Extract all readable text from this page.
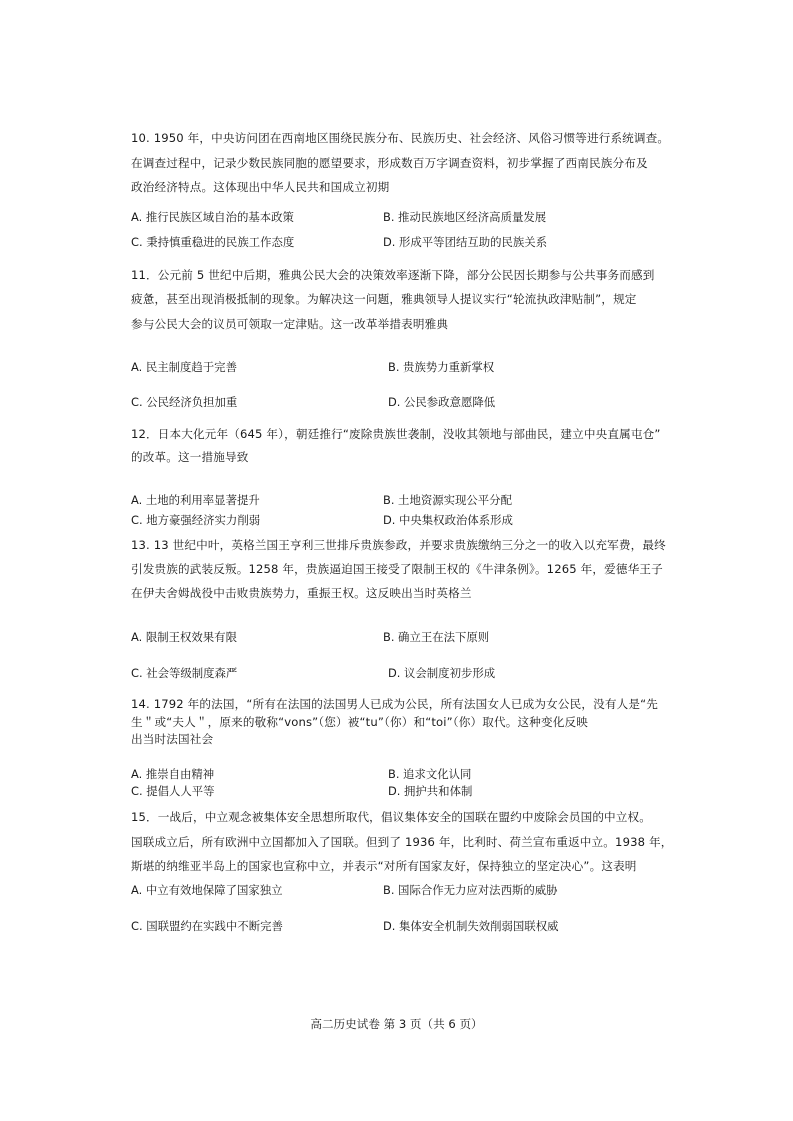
10. 1950 年，中央访问团在西南地区围绕民族分布、民族历史、社会经济、风俗习惯等进行系统调查。
在调查过程中，记录少数民族同胞的愿望要求，形成数百万字调查资料，初步掌握了西南民族分布及
政治经济特点。这体现出中华人民共和国成立初期
A. 推行民族区域自治的基本政策	B. 推动民族地区经济高质量发展
C. 秉持慎重稳进的民族工作态度	D. 形成平等团结互助的民族关系
11．公元前 5 世纪中后期，雅典公民大会的决策效率逐渐下降，部分公民因长期参与公共事务而感到
疲惫，甚至出现消极抵制的现象。为解决这一问题，雅典领导人提议实行“轮流执政津贴制”，规定
参与公民大会的议员可领取一定津贴。这一改革举措表明雅典
A. 民主制度趋于完善	B. 贵族势力重新掌权
C. 公民经济负担加重	D. 公民参政意愿降低
12．日本大化元年（645 年），朝廷推行“废除贵族世袭制，没收其领地与部曲民，建立中央直属屯仓”
的改革。这一措施导致
A. 土地的利用率显著提升	B. 土地资源实现公平分配
C. 地方豪强经济实力削弱	D. 中央集权政治体系形成
13. 13 世纪中叶，英格兰国王亨利三世排斥贵族参政，并要求贵族缴纳三分之一的收入以充军费，最终
引发贵族的武装反叛。1258 年，贵族逼迫国王接受了限制王权的《牛津条例》。1265 年，爱德华王子
在伊夫舍姆战役中击败贵族势力，重振王权。这反映出当时英格兰
A. 限制王权效果有限	B. 确立王在法下原则
C. 社会等级制度森严	D. 议会制度初步形成
14. 1792 年的法国，“所有在法国的法国男人已成为公民，所有法国女人已成为女公民，没有人是“先
生＂或“夫人＂，原来的敬称“vons”（您）被“tu”（你）和“toi”（你）取代。这种变化反映
出当时法国社会
A. 推崇自由精神	B. 追求文化认同
C. 提倡人人平等	D. 拥护共和体制
15．一战后，中立观念被集体安全思想所取代，倡议集体安全的国联在盟约中废除会员国的中立权。
国联成立后，所有欧洲中立国都加入了国联。但到了 1936 年，比利时、荷兰宣布重返中立。1938 年，
斯堪的纳维亚半岛上的国家也宣称中立，并表示“对所有国家友好，保持独立的坚定决心”。这表明
A. 中立有效地保障了国家独立	B. 国际合作无力应对法西斯的威胁
C. 国联盟约在实践中不断完善	D. 集体安全机制失效削弱国联权威
高二历史试卷 第 3 页（共 6 页）
